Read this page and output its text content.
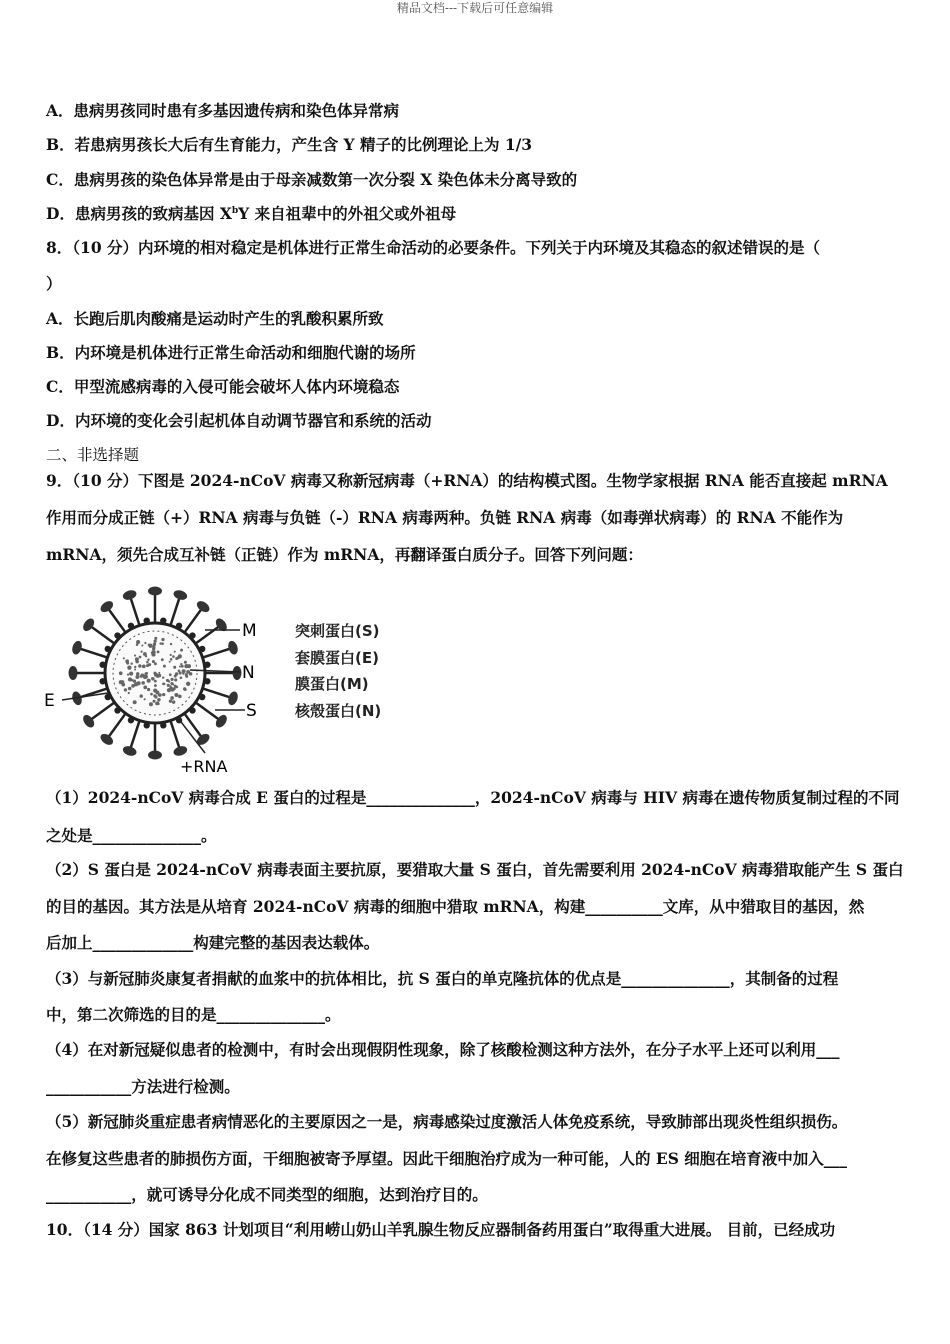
精品文档---下载后可任意编辑
A．患病男孩同时患有多基因遗传病和染色体异常病
B．若患病男孩长大后有生育能力，产生含 Y 精子的比例理论上为 1/3
C．患病男孩的染色体异常是由于母亲减数第一次分裂 X 染色体未分离导致的
D．患病男孩的致病基因 $X^bY$ 来自祖辈中的外祖父或外祖母
8．（10 分）内环境的相对稳定是机体进行正常生命活动的必要条件。下列关于内环境及其稳态的叙述错误的是（
）
A．长跑后肌肉酸痛是运动时产生的乳酸积累所致
B．内环境是机体进行正常生命活动和细胞代谢的场所
C．甲型流感病毒的入侵可能会破坏人体内环境稳态
D．内环境的变化会引起机体自动调节器官和系统的活动
二、非选择题
9．（10 分）下图是 2024-nCoV 病毒又称新冠病毒（+RNA）的结构模式图。生物学家根据 RNA 能否直接起 mRNA
作用而分成正链（+）RNA 病毒与负链（-）RNA 病毒两种。负链 RNA 病毒（如毒弹状病毒）的 RNA 不能作为
mRNA，须先合成互补链（正链）作为 mRNA，再翻译蛋白质分子。回答下列问题：
M
N
S
E
+RNA
突刺蛋白(S)
套膜蛋白(E)
膜蛋白(M)
核殼蛋白(N)
（1）2024-nCoV 病毒合成 E 蛋白的过程是______________，2024-nCoV 病毒与 HIV 病毒在遗传物质复制过程的不同
之处是______________。
（2）S 蛋白是 2024-nCoV 病毒表面主要抗原，要猎取大量 S 蛋白，首先需要利用 2024-nCoV 病毒猎取能产生 S 蛋白
的目的基因。其方法是从培育 2024-nCoV 病毒的细胞中猎取 mRNA，构建__________文库，从中猎取目的基因，然
后加上_____________构建完整的基因表达载体。
（3）与新冠肺炎康复者捐献的血浆中的抗体相比，抗 S 蛋白的单克隆抗体的优点是______________，其制备的过程
中，第二次筛选的目的是______________。
（4）在对新冠疑似患者的检测中，有时会出现假阴性现象，除了核酸检测这种方法外，在分子水平上还可以利用___
___________方法进行检测。
（5）新冠肺炎重症患者病情恶化的主要原因之一是，病毒感染过度激活人体免疫系统，导致肺部出现炎性组织损伤。
在修复这些患者的肺损伤方面，干细胞被寄予厚望。因此干细胞治疗成为一种可能，人的 ES 细胞在培育液中加入___
___________，就可诱导分化成不同类型的细胞，达到治疗目的。
10．（14 分）国家 863 计划项目“利用崂山奶山羊乳腺生物反应器制备药用蛋白”取得重大进展。 目前，已经成功
